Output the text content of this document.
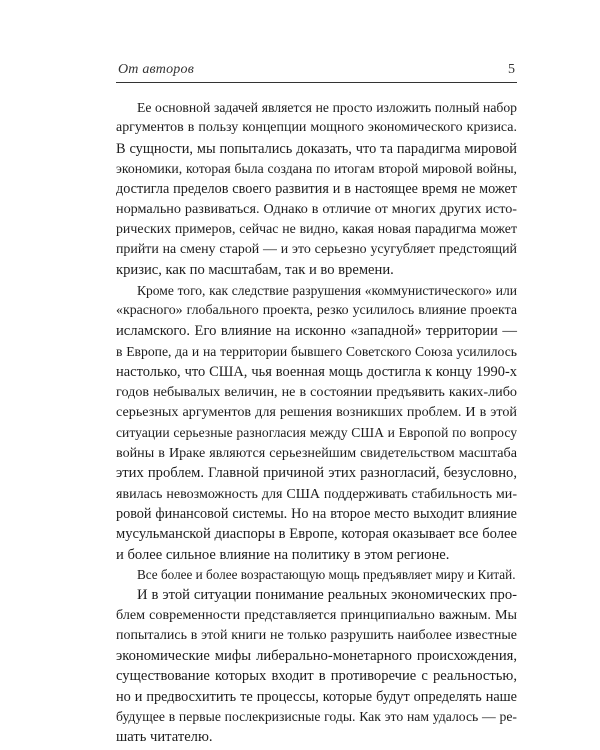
От авторов	5
Ее основной задачей является не просто изложить полный набор
аргументов в пользу концепции мощного экономического кризиса.
В сущности, мы попытались доказать, что та парадигма мировой
экономики, которая была создана по итогам второй мировой войны,
достигла пределов своего развития и в настоящее время не может
нормально развиваться. Однако в отличие от многих других исто-
рических примеров, сейчас не видно, какая новая парадигма может
прийти на смену старой — и это серьезно усугубляет предстоящий
кризис, как по масштабам, так и во времени.
Кроме того, как следствие разрушения «коммунистического» или
«красного» глобального проекта, резко усилилось влияние проекта
исламского. Его влияние на исконно «западной» территории —
в Европе, да и на территории бывшего Советского Союза усилилось
настолько, что США, чья военная мощь достигла к концу 1990-х
годов небывалых величин, не в состоянии предъявить каких-либо
серьезных аргументов для решения возникших проблем. И в этой
ситуации серьезные разногласия между США и Европой по вопросу
войны в Ираке являются серьезнейшим свидетельством масштаба
этих проблем. Главной причиной этих разногласий, безусловно,
явилась невозможность для США поддерживать стабильность ми-
ровой финансовой системы. Но на второе место выходит влияние
мусульманской диаспоры в Европе, которая оказывает все более
и более сильное влияние на политику в этом регионе.
Все более и более возрастающую мощь предъявляет миру и Китай.
И в этой ситуации понимание реальных экономических про-
блем современности представляется принципиально важным. Мы
попытались в этой книги не только разрушить наиболее известные
экономические мифы либерально-монетарного происхождения,
существование которых входит в противоречие с реальностью,
но и предвосхитить те процессы, которые будут определять наше
будущее в первые послекризисные годы. Как это нам удалось — ре-
шать читателю.
